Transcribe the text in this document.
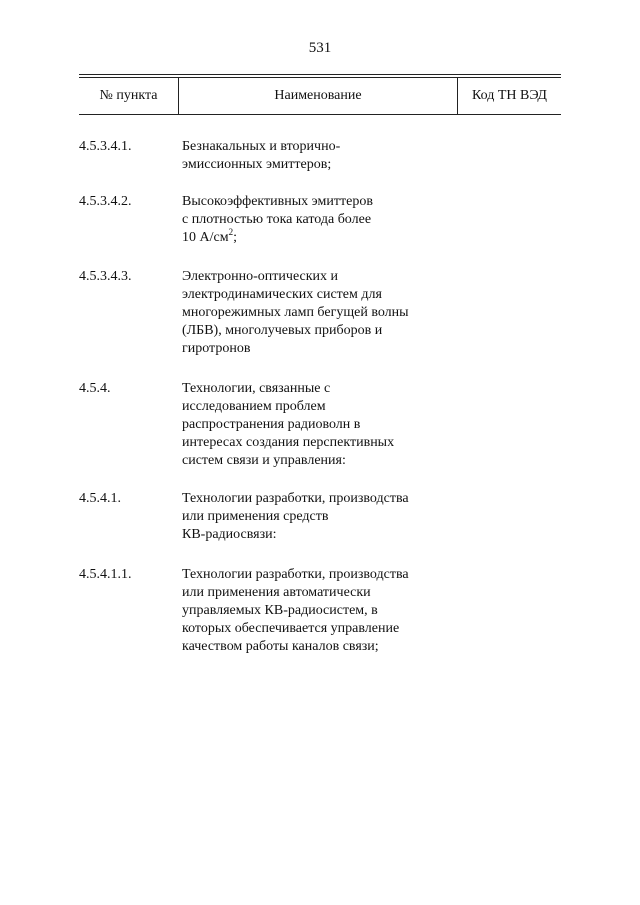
531
№ пункта	Наименование	Код ТН ВЭД
4.5.3.4.1.	Безнакальных и вторично-
эмиссионных эмиттеров;
4.5.3.4.2.	Высокоэффективных эмиттеров
с плотностью тока катода более
10 $А/см^2$;
4.5.3.4.3.	Электронно-оптических и
электродинамических систем для
многорежимных ламп бегущей волны
(ЛБВ), многолучевых приборов и
гиротронов
4.5.4.	Технологии, связанные с
исследованием проблем
распространения радиоволн в
интересах создания перспективных
систем связи и управления:
4.5.4.1.	Технологии разработки, производства
или применения средств
КВ-радиосвязи:
4.5.4.1.1.	Технологии разработки, производства
или применения автоматически
управляемых КВ-радиосистем, в
которых обеспечивается управление
качеством работы каналов связи;
